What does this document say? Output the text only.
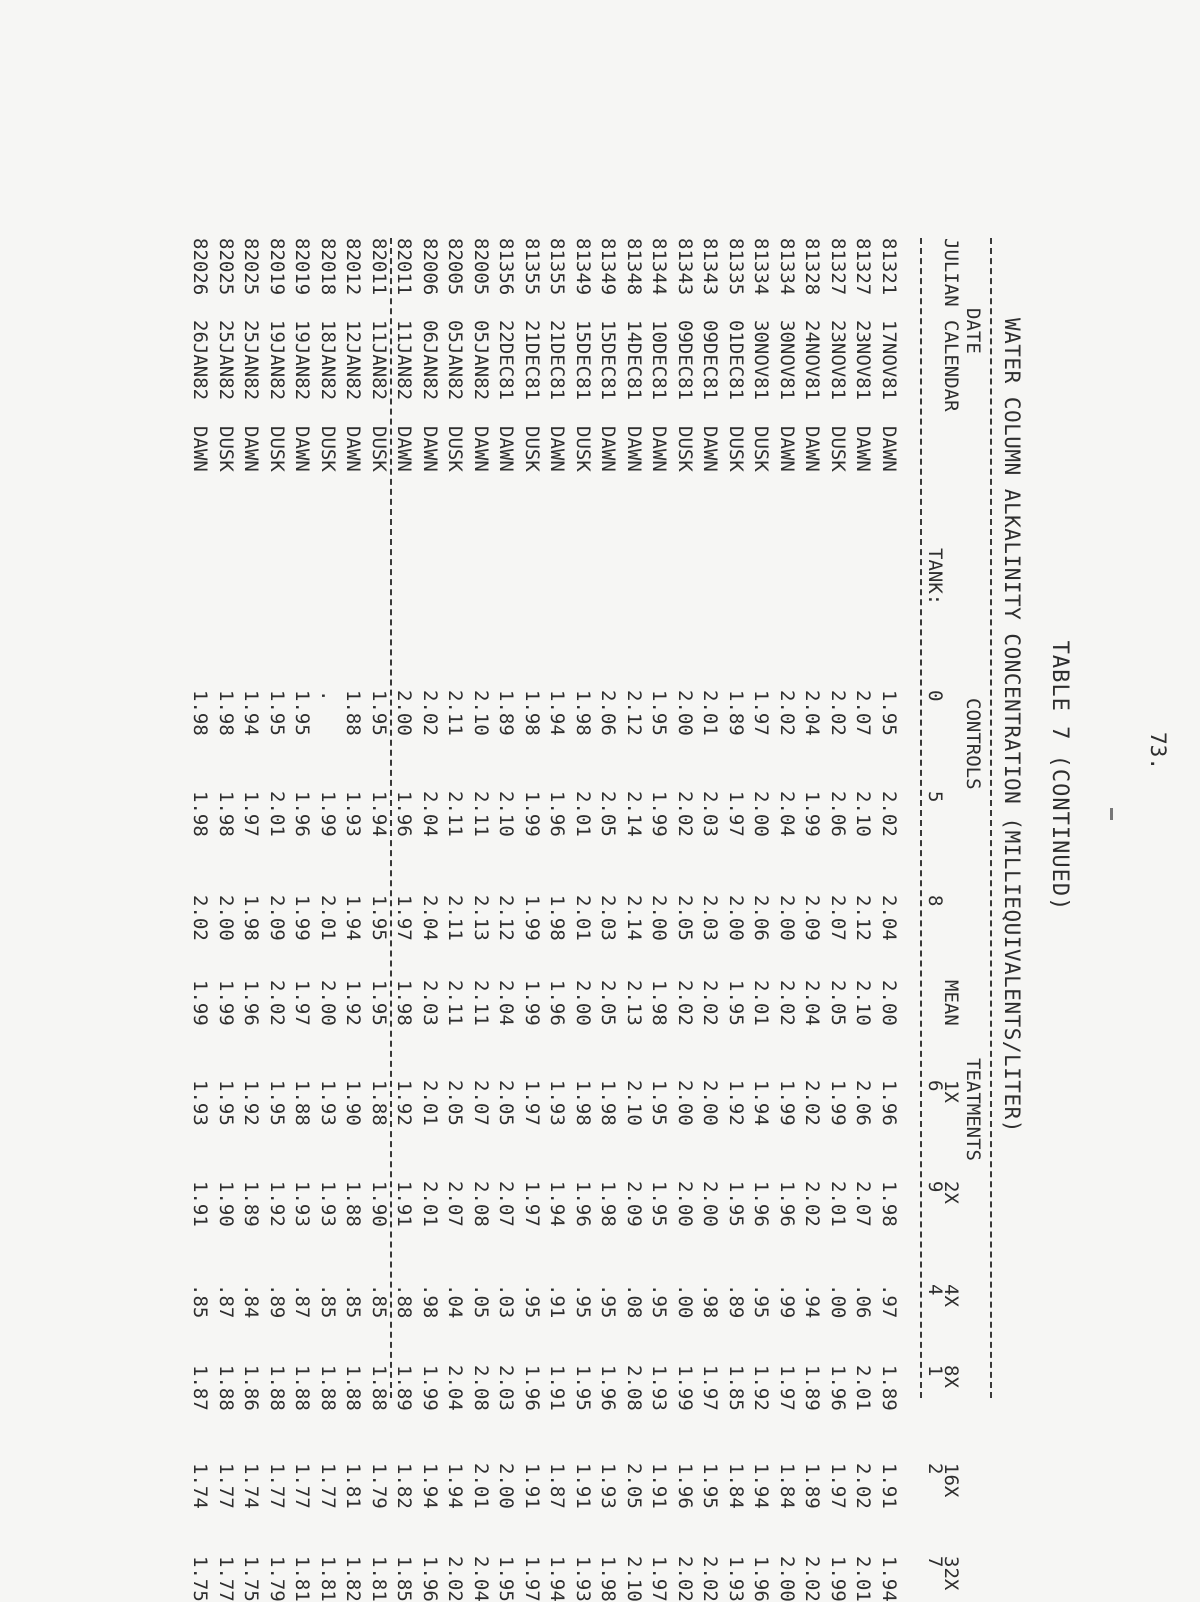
73.
TABLE 7 (CONTINUED)
WATER COLUMN ALKALINITY CONCENTRATION (MILLIEQUIVALENTS/LITER)
DATE
CONTROLS
TEATMENTS
JULIAN
CALENDAR
MEAN
1X
2X
4X
8X
16X
32X
TANK:
0
5
8
6
9
4
1
2
7
81321
17NOV81
DAWN
1.95
2.02
2.04
2.00
1.96
1.98
.97
1.89
1.91
1.94
81327
23NOV81
DAWN
2.07
2.10
2.12
2.10
2.06
2.07
.06
2.01
2.02
2.01
81327
23NOV81
DUSK
2.02
2.06
2.07
2.05
1.99
2.01
.00
1.96
1.97
1.99
81328
24NOV81
DAWN
2.04
1.99
2.09
2.04
2.02
2.02
.94
1.89
1.89
2.02
81334
30NOV81
DAWN
2.02
2.04
2.00
2.02
1.99
1.96
.99
1.97
1.84
2.00
81334
30NOV81
DUSK
1.97
2.00
2.06
2.01
1.94
1.96
.95
1.92
1.94
1.96
81335
01DEC81
DUSK
1.89
1.97
2.00
1.95
1.92
1.95
.89
1.85
1.84
1.93
81343
09DEC81
DAWN
2.01
2.03
2.03
2.02
2.00
2.00
.98
1.97
1.95
2.02
81343
09DEC81
DUSK
2.00
2.02
2.05
2.02
2.00
2.00
.00
1.99
1.96
2.02
81344
10DEC81
DAWN
1.95
1.99
2.00
1.98
1.95
1.95
.95
1.93
1.91
1.97
81348
14DEC81
DAWN
2.12
2.14
2.14
2.13
2.10
2.09
.08
2.08
2.05
2.10
81349
15DEC81
DAWN
2.06
2.05
2.03
2.05
1.98
1.98
.95
1.96
1.93
1.98
81349
15DEC81
DUSK
1.98
2.01
2.01
2.00
1.98
1.96
.95
1.95
1.91
1.93
81355
21DEC81
DAWN
1.94
1.96
1.98
1.96
1.93
1.94
.91
1.91
1.87
1.94
81355
21DEC81
DUSK
1.98
1.99
1.99
1.99
1.97
1.97
.95
1.96
1.91
1.97
81356
22DEC81
DAWN
1.89
2.10
2.12
2.04
2.05
2.07
.03
2.03
2.00
1.95
82005
05JAN82
DAWN
2.10
2.11
2.13
2.11
2.07
2.08
.05
2.08
2.01
2.04
82005
05JAN82
DUSK
2.11
2.11
2.11
2.11
2.05
2.07
.04
2.04
1.94
2.02
82006
06JAN82
DAWN
2.02
2.04
2.04
2.03
2.01
2.01
.98
1.99
1.94
1.96
82011
11JAN82
DAWN
2.00
1.96
1.97
1.98
1.92
1.91
.88
1.89
1.82
1.85
82011
11JAN82
DUSK
1.95
1.94
1.95
1.95
1.88
1.90
.85
1.88
1.79
1.81
82012
12JAN82
DAWN
1.88
1.93
1.94
1.92
1.90
1.88
.85
1.88
1.81
1.82
82018
18JAN82
DUSK
.
1.99
2.01
2.00
1.93
1.93
.85
1.88
1.77
1.81
82019
19JAN82
DAWN
1.95
1.96
1.99
1.97
1.88
1.93
.87
1.88
1.77
1.81
82019
19JAN82
DUSK
1.95
2.01
2.09
2.02
1.95
1.92
.89
1.88
1.77
1.79
82025
25JAN82
DAWN
1.94
1.97
1.98
1.96
1.92
1.89
.84
1.86
1.74
1.75
82025
25JAN82
DUSK
1.98
1.98
2.00
1.99
1.95
1.90
.87
1.88
1.77
1.77
82026
26JAN82
DAWN
1.98
1.98
2.02
1.99
1.93
1.91
.85
1.87
1.74
1.75
